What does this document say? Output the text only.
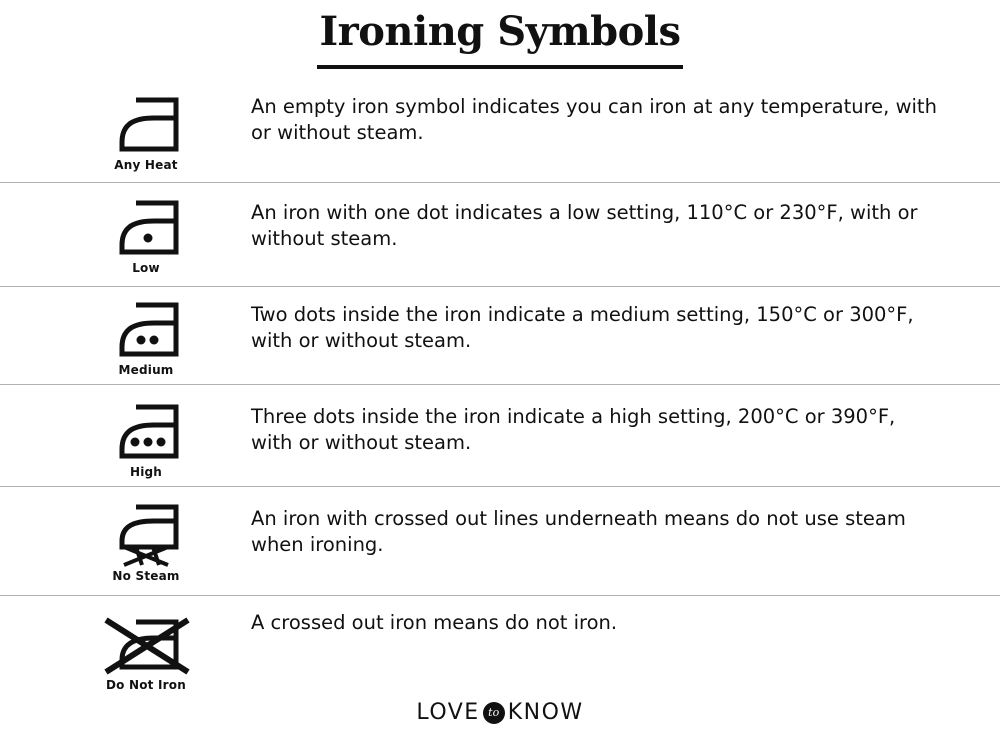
Ironing Symbols
Any Heat
An empty iron symbol indicates you can iron at any temperature, with or without steam.
Low
An iron with one dot indicates a low setting, 110°C or 230°F, with or without steam.
Medium
Two dots inside the iron indicate a medium setting, 150°C or 300°F, with or without steam.
High
Three dots inside the iron indicate a high setting, 200°C or 390°F, with or without steam.
No Steam
An iron with crossed out lines underneath means do not use steam when ironing.
Do Not Iron
A crossed out iron means do not iron.
LOVE to KNOW
